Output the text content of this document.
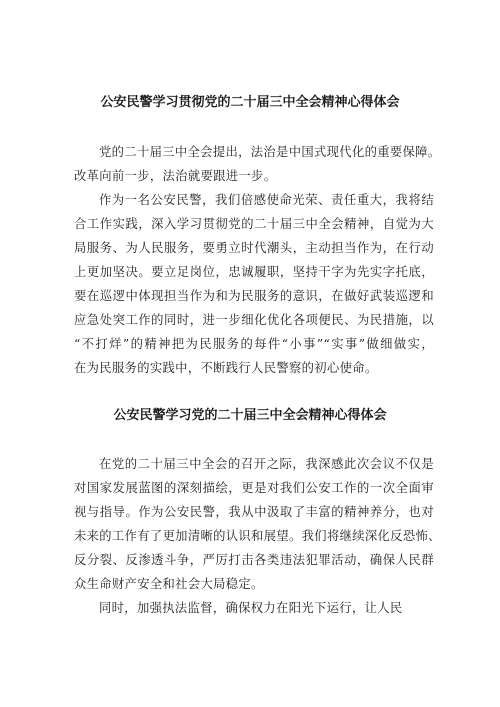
公安民警学习贯彻党的二十届三中全会精神心得体会

党的二十届三中全会提出，法治是中国式现代化的重要保障。
改革向前一步，法治就要跟进一步。

作为一名公安民警，我们倍感使命光荣、责任重大，我将结
合工作实践，深入学习贯彻党的二十届三中全会精神，自觉为大
局服务、为人民服务，要勇立时代潮头，主动担当作为，在行动
上更加坚决。要立足岗位，忠诚履职，坚持干字为先实字托底，
要在巡逻中体现担当作为和为民服务的意识，在做好武装巡逻和
应急处突工作的同时，进一步细化优化各项便民、为民措施，以
“不打烊”的精神把为民服务的每件“小事”“实事”做细做实，
在为民服务的实践中，不断践行人民警察的初心使命。

公安民警学习党的二十届三中全会精神心得体会

在党的二十届三中全会的召开之际，我深感此次会议不仅是
对国家发展蓝图的深刻描绘，更是对我们公安工作的一次全面审
视与指导。作为公安民警，我从中汲取了丰富的精神养分，也对
未来的工作有了更加清晰的认识和展望。我们将继续深化反恐怖、
反分裂、反渗透斗争，严厉打击各类违法犯罪活动，确保人民群
众生命财产安全和社会大局稳定。

同时，加强执法监督，确保权力在阳光下运行，让人民
